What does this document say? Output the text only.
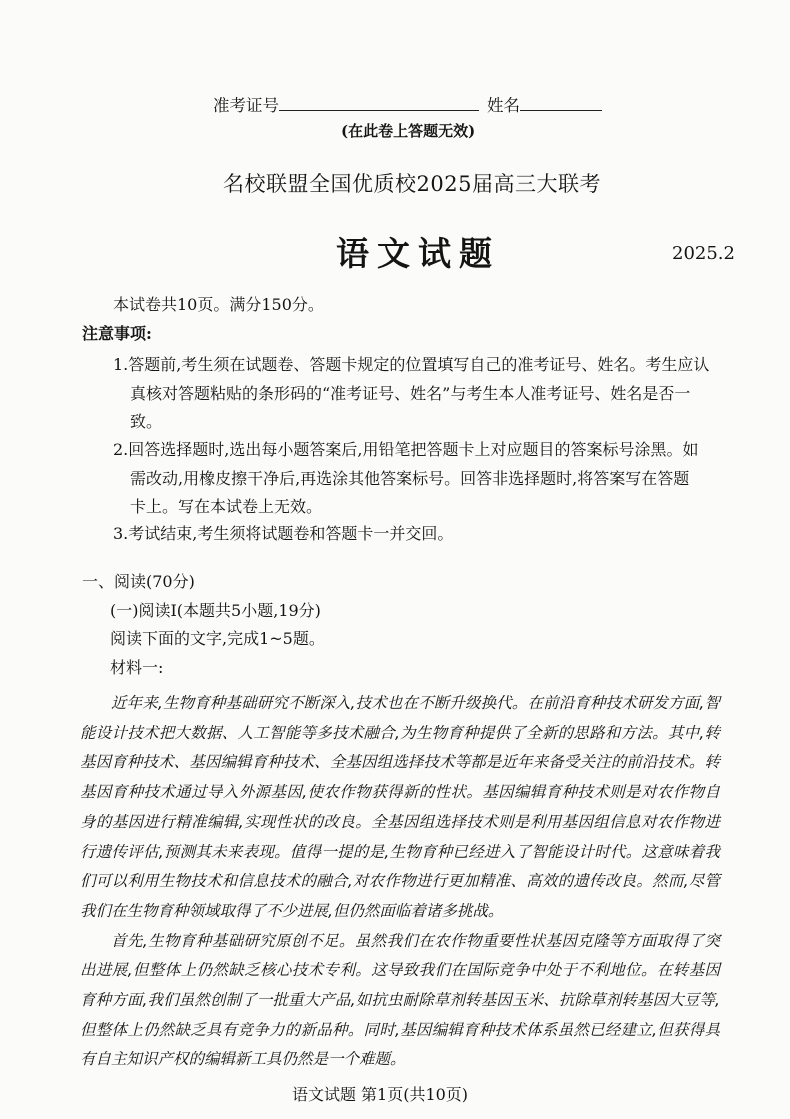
准考证号	姓名
(在此卷上答题无效)
名校联盟全国优质校2025届高三大联考
语文试题	2025.2
本试卷共10页。满分150分。
注意事项:
1.答题前,考生须在试题卷、答题卡规定的位置填写自己的准考证号、姓名。考生应认
真核对答题粘贴的条形码的“准考证号、姓名”与考生本人准考证号、姓名是否一
致。
2.回答选择题时,选出每小题答案后,用铅笔把答题卡上对应题目的答案标号涂黑。如
需改动,用橡皮擦干净后,再选涂其他答案标号。回答非选择题时,将答案写在答题
卡上。写在本试卷上无效。
3.考试结束,考生须将试题卷和答题卡一并交回。
一、阅读(70分)
(一)阅读Ⅰ(本题共5小题,19分)
阅读下面的文字,完成1~5题。
材料一:

近年来,生物育种基础研究不断深入,技术也在不断升级换代。在前沿育种技术研发方面,智能设计技术把大数据、人工智能等多技术融合,为生物育种提供了全新的思路和方法。其中,转基因育种技术、基因编辑育种技术、全基因组选择技术等都是近年来备受关注的前沿技术。转基因育种技术通过导入外源基因,使农作物获得新的性状。基因编辑育种技术则是对农作物自身的基因进行精准编辑,实现性状的改良。全基因组选择技术则是利用基因组信息对农作物进行遗传评估,预测其未来表现。值得一提的是,生物育种已经进入了智能设计时代。这意味着我们可以利用生物技术和信息技术的融合,对农作物进行更加精准、高效的遗传改良。然而,尽管我们在生物育种领域取得了不少进展,但仍然面临着诸多挑战。

首先,生物育种基础研究原创不足。虽然我们在农作物重要性状基因克隆等方面取得了突出进展,但整体上仍然缺乏核心技术专利。这导致我们在国际竞争中处于不利地位。在转基因育种方面,我们虽然创制了一批重大产品,如抗虫耐除草剂转基因玉米、抗除草剂转基因大豆等,但整体上仍然缺乏具有竞争力的新品种。同时,基因编辑育种技术体系虽然已经建立,但获得具有自主知识产权的编辑新工具仍然是一个难题。

语文试题 第1页(共10页)
